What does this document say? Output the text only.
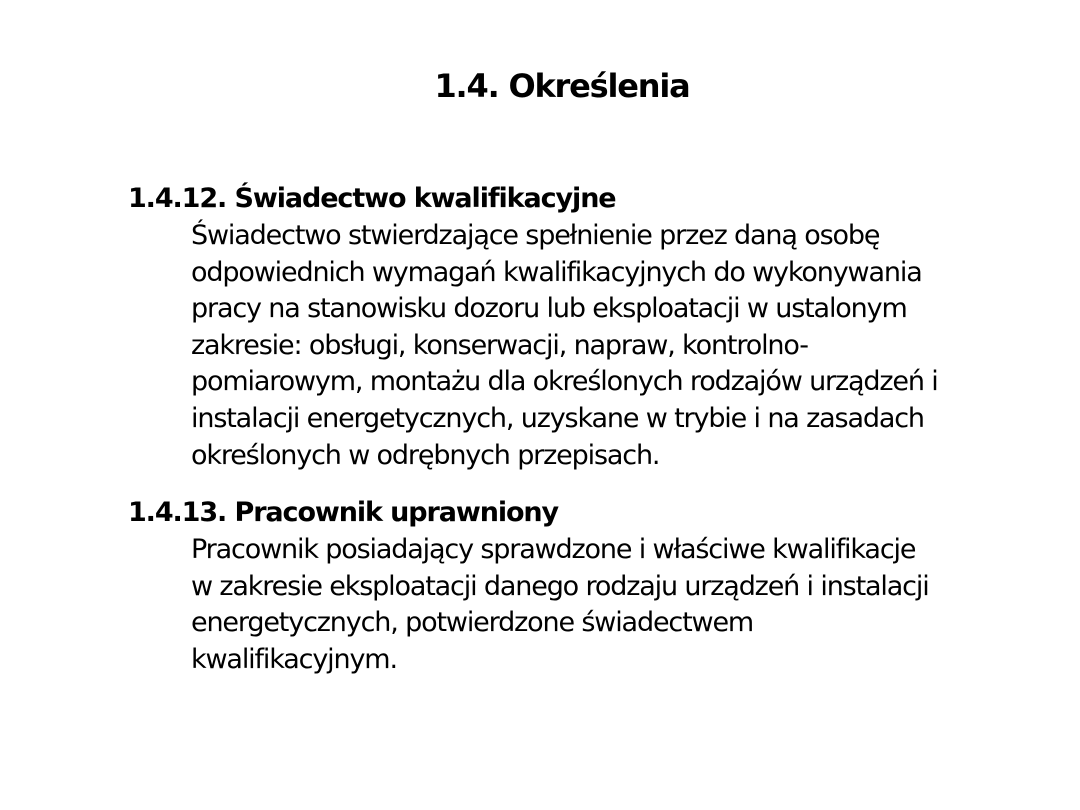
1.4. Określenia
1.4.12. Świadectwo kwalifikacyjne

Świadectwo stwierdzające spełnienie przez daną osobę
odpowiednich wymagań kwalifikacyjnych do wykonywania
pracy na stanowisku dozoru lub eksploatacji w ustalonym
zakresie: obsługi, konserwacji, napraw, kontrolno-
pomiarowym, montażu dla określonych rodzajów urządzeń i
instalacji energetycznych, uzyskane w trybie i na zasadach
określonych w odrębnych przepisach.

1.4.13. Pracownik uprawniony

Pracownik posiadający sprawdzone i właściwe kwalifikacje
w zakresie eksploatacji danego rodzaju urządzeń i instalacji
energetycznych, potwierdzone świadectwem
kwalifikacyjnym.
